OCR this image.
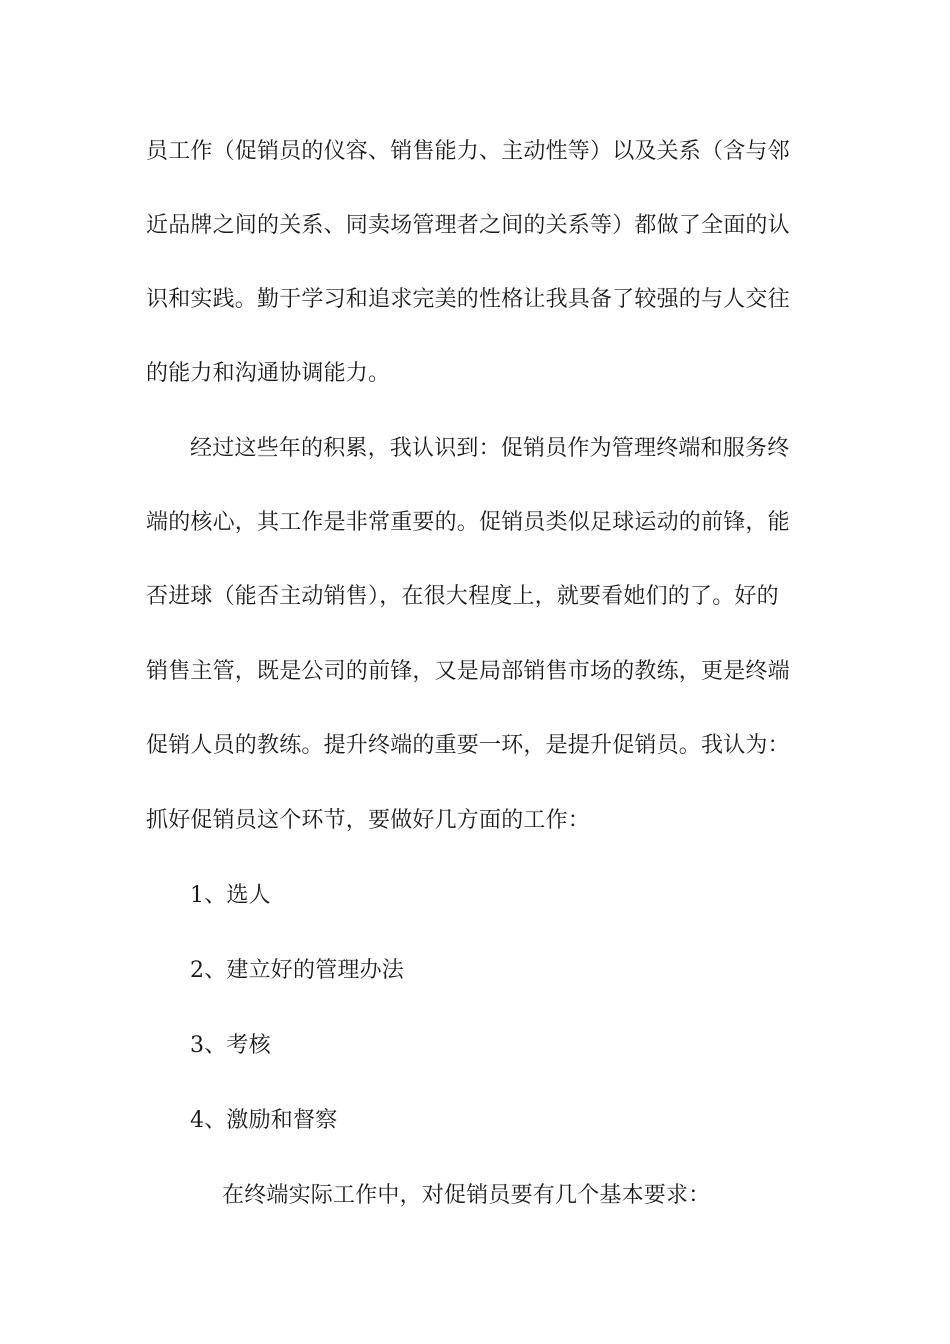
员工作（促销员的仪容、销售能力、主动性等）以及关系（含与邻
近品牌之间的关系、同卖场管理者之间的关系等）都做了全面的认
识和实践。勤于学习和追求完美的性格让我具备了较强的与人交往
的能力和沟通协调能力。
经过这些年的积累，我认识到：促销员作为管理终端和服务终
端的核心，其工作是非常重要的。促销员类似足球运动的前锋，能
否进球（能否主动销售），在很大程度上，就要看她们的了。好的
销售主管，既是公司的前锋，又是局部销售市场的教练，更是终端
促销人员的教练。提升终端的重要一环，是提升促销员。我认为：
抓好促销员这个环节，要做好几方面的工作：
1、选人
2、建立好的管理办法
3、考核
4、激励和督察
在终端实际工作中，对促销员要有几个基本要求：
